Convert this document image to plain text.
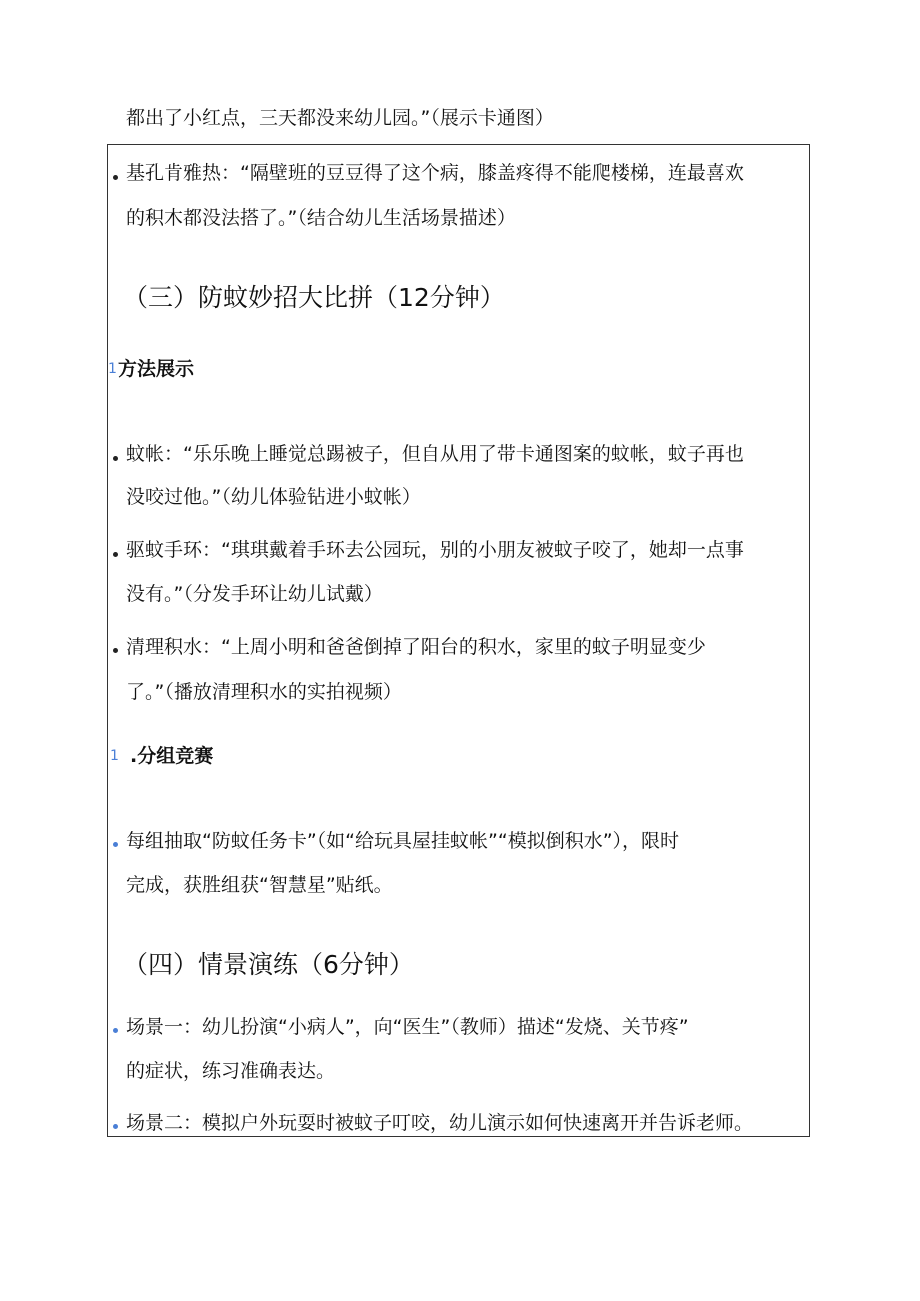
都出了小红点，三天都没来幼儿园。”（展示卡通图）
基孔肯雅热：“隔壁班的豆豆得了这个病，膝盖疼得不能爬楼梯，连最喜欢
的积木都没法搭了。”（结合幼儿生活场景描述）
（三）防蚊妙招大比拼（12分钟）
1 方法展示
蚊帐：“乐乐晚上睡觉总踢被子，但自从用了带卡通图案的蚊帐，蚊子再也
没咬过他。”（幼儿体验钻进小蚊帐）
驱蚊手环：“琪琪戴着手环去公园玩，别的小朋友被蚊子咬了，她却一点事
没有。”（分发手环让幼儿试戴）
清理积水：“上周小明和爸爸倒掉了阳台的积水，家里的蚊子明显变少
了。”（播放清理积水的实拍视频）
1 .分组竞赛
每组抽取“防蚊任务卡”（如“给玩具屋挂蚊帐”“模拟倒积水”），限时
完成，获胜组获“智慧星”贴纸。
（四）情景演练（6分钟）
场景一：幼儿扮演“小病人”，向“医生”（教师）描述“发烧、关节疼”
的症状，练习准确表达。
场景二：模拟户外玩耍时被蚊子叮咬，幼儿演示如何快速离开并告诉老师。
